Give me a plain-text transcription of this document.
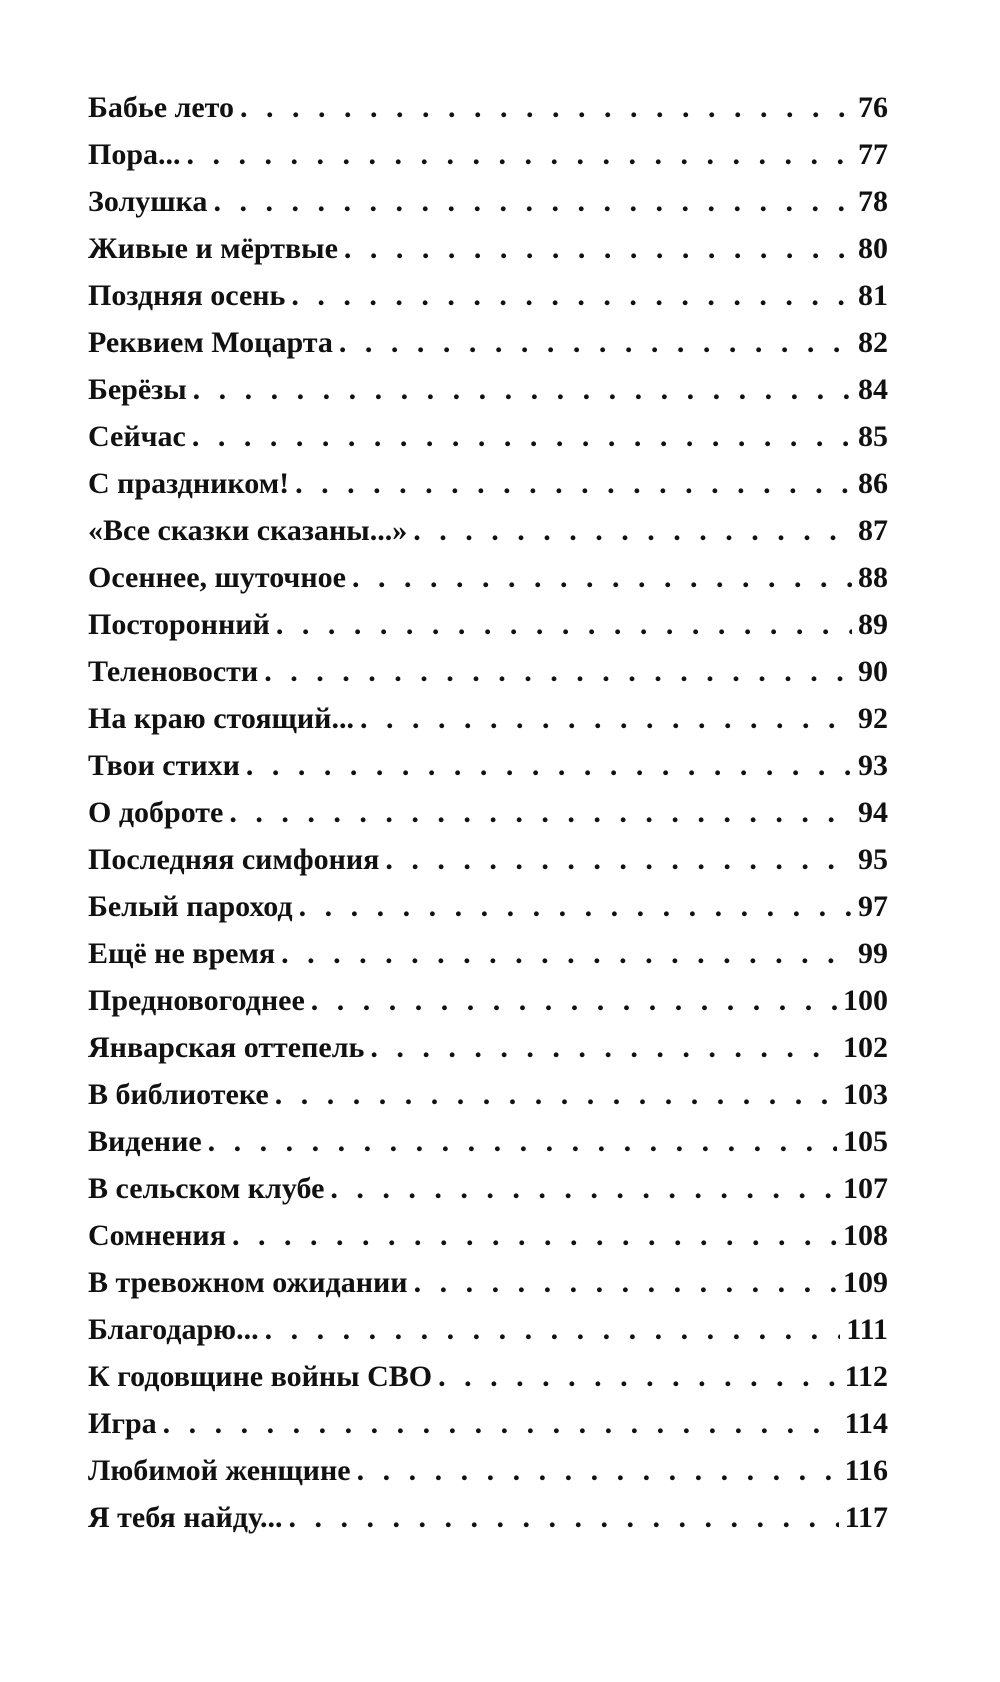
Бабье лето . . .	76
Пора... . . .	77
Золушка . . .	78
Живые и мёртвые . . .	80
Поздняя осень . . .	81
Реквием Моцарта . . .	82
Берёзы . . .	84
Сейчас . . .	85
С праздником! . . .	86
«Все сказки сказаны...» . . .	87
Осеннее, шуточное . . .	88
Посторонний . . .	89
Теленовости . . .	90
На краю стоящий... . . .	92
Твои стихи . . .	93
О доброте . . .	94
Последняя симфония . . .	95
Белый пароход . . .	97
Ещё не время . . .	99
Предновогоднее . . .	100
Январская оттепель . . .	102
В библиотеке . . .	103
Видение . . .	105
В сельском клубе . . .	107
Сомнения . . .	108
В тревожном ожидании . . .	109
Благодарю... . . .	111
К годовщине войны СВО . . .	112
Игра . . .	114
Любимой женщине . . .	116
Я тебя найду... . . .	117
